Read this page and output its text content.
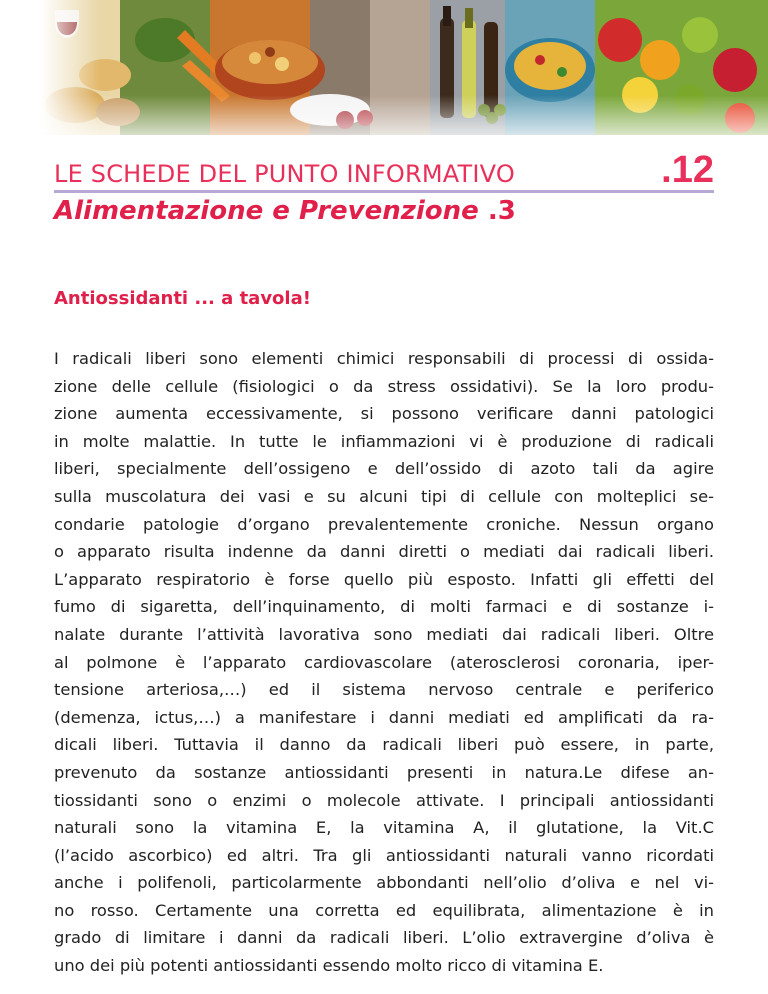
LE SCHEDE DEL PUNTO INFORMATIVO	.12
Alimentazione e Prevenzione .3
Antiossidanti ... a tavola!
I radicali liberi sono elementi chimici responsabili di processi di ossida-
zione delle cellule (fisiologici o da stress ossidativi). Se la loro produ-
zione aumenta eccessivamente, si possono verificare danni patologici
in molte malattie. In tutte le infiammazioni vi è produzione di radicali
liberi, specialmente dell’ossigeno e dell’ossido di azoto tali da agire
sulla muscolatura dei vasi e su alcuni tipi di cellule con molteplici se-
condarie patologie d’organo prevalentemente croniche. Nessun organo
o apparato risulta indenne da danni diretti o mediati dai radicali liberi.
L’apparato respiratorio è forse quello più esposto. Infatti gli effetti del
fumo di sigaretta, dell’inquinamento, di molti farmaci e di sostanze i-
nalate durante l’attività lavorativa sono mediati dai radicali liberi. Oltre
al polmone è l’apparato cardiovascolare (aterosclerosi coronaria, iper-
tensione arteriosa,…) ed il sistema nervoso centrale e periferico
(demenza, ictus,…) a manifestare i danni mediati ed amplificati da ra-
dicali liberi. Tuttavia il danno da radicali liberi può essere, in parte,
prevenuto da sostanze antiossidanti presenti in natura.Le difese an-
tiossidanti sono o enzimi o molecole attivate. I principali antiossidanti
naturali sono la vitamina E, la vitamina A, il glutatione, la Vit.C
(l’acido ascorbico) ed altri. Tra gli antiossidanti naturali vanno ricordati
anche i polifenoli, particolarmente abbondanti nell’olio d’oliva e nel vi-
no rosso. Certamente una corretta ed equilibrata, alimentazione è in
grado di limitare i danni da radicali liberi. L’olio extravergine d’oliva è
uno dei più potenti antiossidanti essendo molto ricco di vitamina E.
